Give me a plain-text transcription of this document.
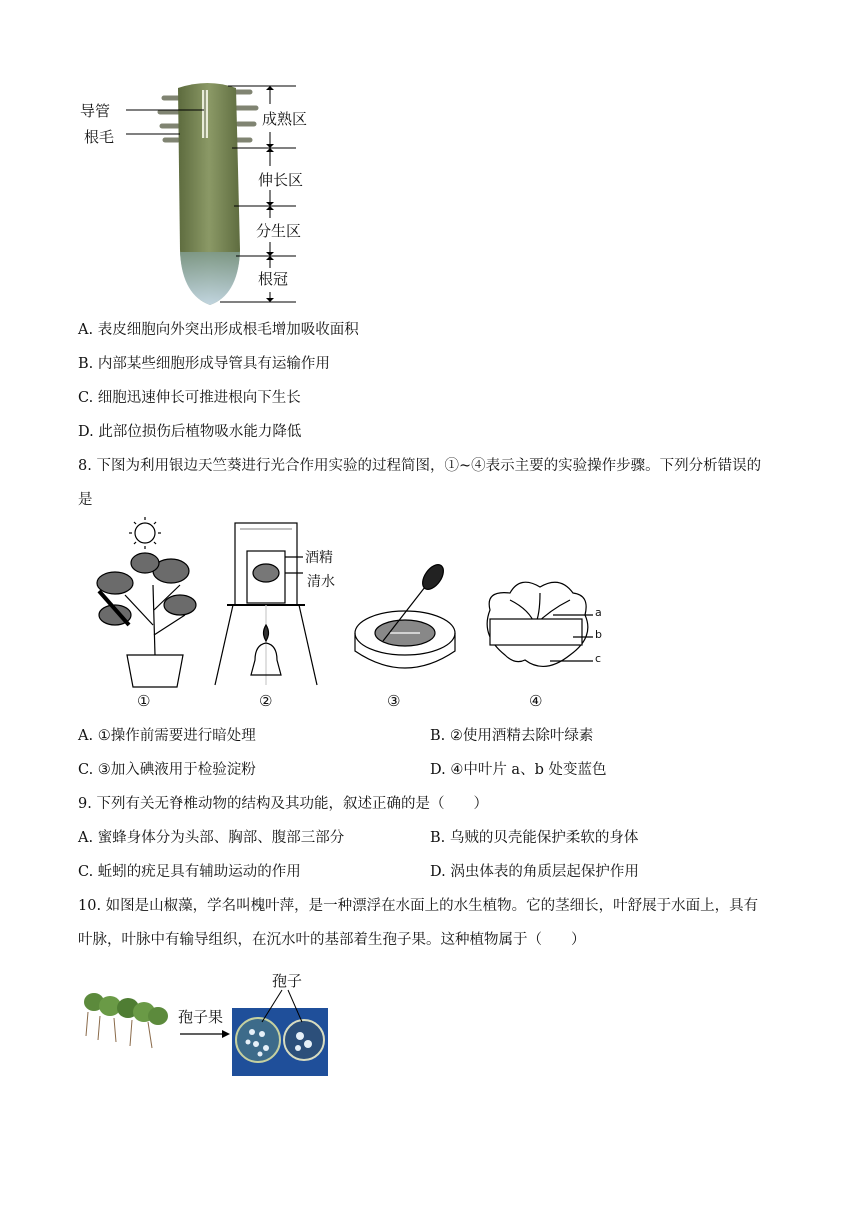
导管
根毛
成熟区
伸长区
分生区
根冠
A. 表皮细胞向外突出形成根毛增加吸收面积
B. 内部某些细胞形成导管具有运输作用
C. 细胞迅速伸长可推进根向下生长
D. 此部位损伤后植物吸水能力降低
8. 下图为利用银边天竺葵进行光合作用实验的过程简图，①~④表示主要的实验操作步骤。下列分析错误的
是
酒精
清水
a
b
c
①	②	③	④
A. ①操作前需要进行暗处理	B. ②使用酒精去除叶绿素
C. ③加入碘液用于检验淀粉	D. ④中叶片 a、b 处变蓝色
9. 下列有关无脊椎动物的结构及其功能，叙述正确的是（　　）
A. 蜜蜂身体分为头部、胸部、腹部三部分	B. 乌贼的贝壳能保护柔软的身体
C. 蚯蚓的疣足具有辅助运动的作用	D. 涡虫体表的角质层起保护作用
10. 如图是山椒藻，学名叫槐叶萍，是一种漂浮在水面上的水生植物。它的茎细长，叶舒展于水面上，具有
叶脉，叶脉中有输导组织，在沉水叶的基部着生孢子果。这种植物属于（　　）
孢子
孢子果
